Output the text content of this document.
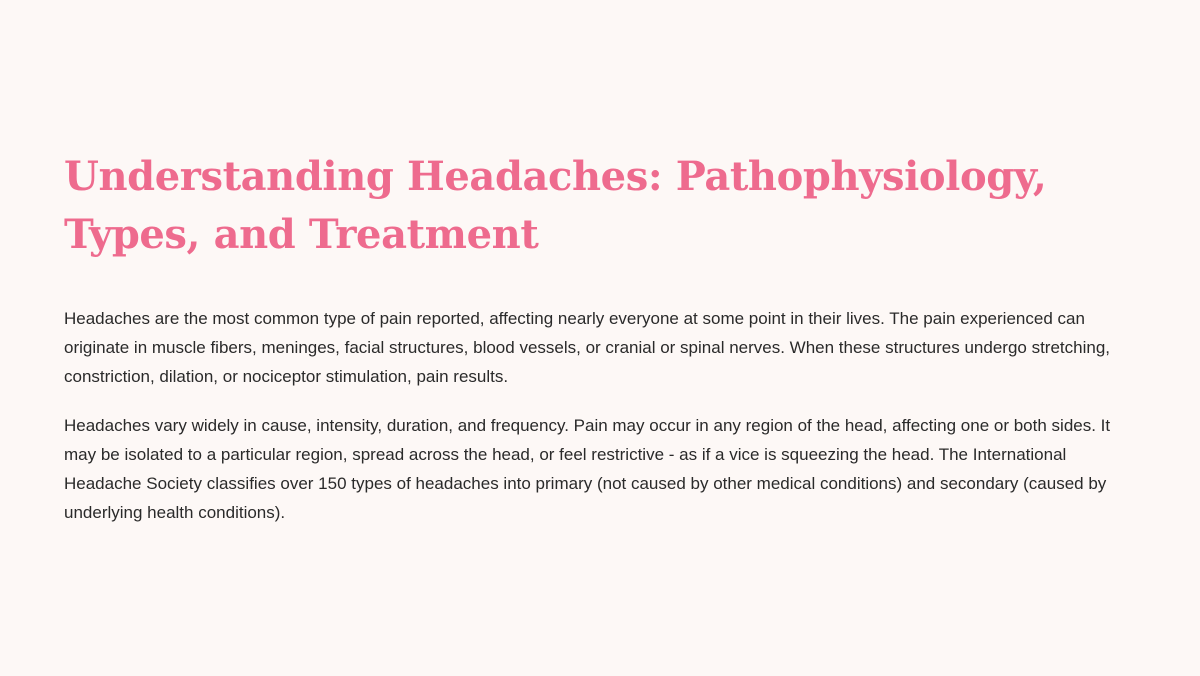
Understanding Headaches: Pathophysiology, Types, and Treatment

Headaches are the most common type of pain reported, affecting nearly everyone at some point in their lives. The pain experienced can originate in muscle fibers, meninges, facial structures, blood vessels, or cranial or spinal nerves. When these structures undergo stretching, constriction, dilation, or nociceptor stimulation, pain results.

Headaches vary widely in cause, intensity, duration, and frequency. Pain may occur in any region of the head, affecting one or both sides. It may be isolated to a particular region, spread across the head, or feel restrictive - as if a vice is squeezing the head. The International Headache Society classifies over 150 types of headaches into primary (not caused by other medical conditions) and secondary (caused by underlying health conditions).
